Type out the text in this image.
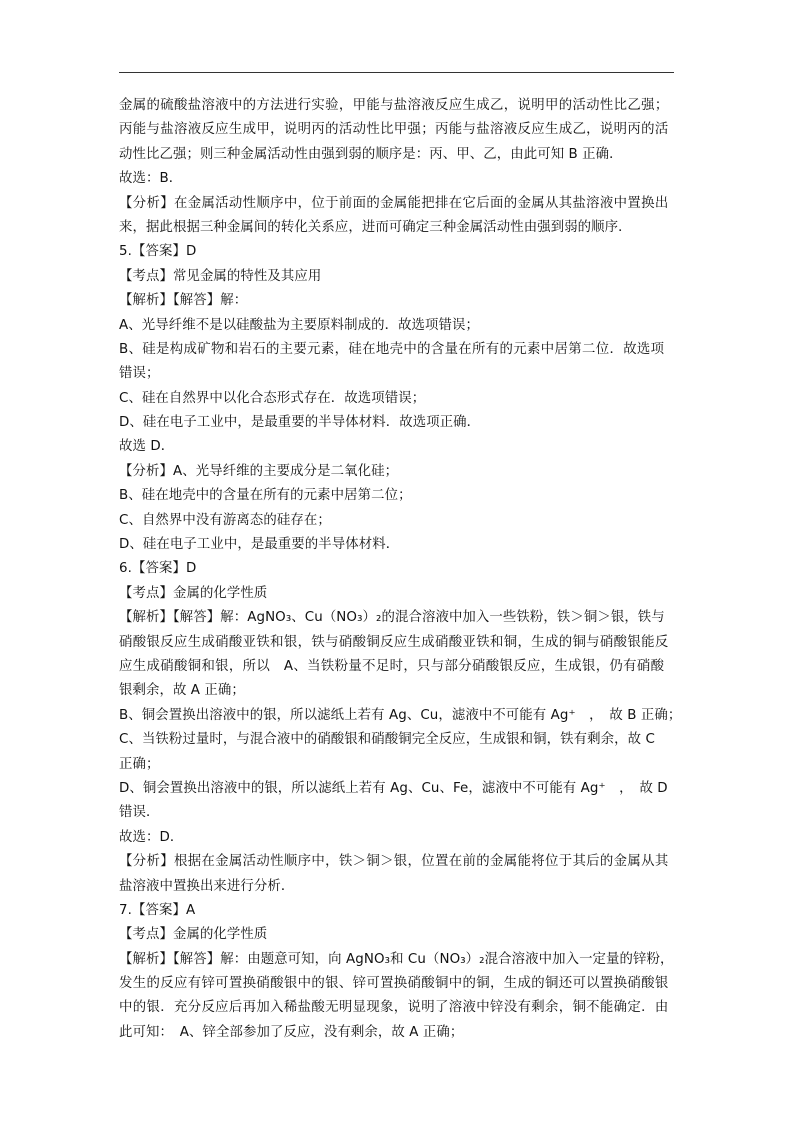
金属的硫酸盐溶液中的方法进行实验，甲能与盐溶液反应生成乙，说明甲的活动性比乙强；
丙能与盐溶液反应生成甲，说明丙的活动性比甲强；丙能与盐溶液反应生成乙，说明丙的活
动性比乙强；则三种金属活动性由强到弱的顺序是：丙、甲、乙，由此可知 B 正确．
故选：B．
【分析】在金属活动性顺序中，位于前面的金属能把排在它后面的金属从其盐溶液中置换出
来，据此根据三种金属间的转化关系应，进而可确定三种金属活动性由强到弱的顺序．
5.【答案】D
【考点】常见金属的特性及其应用
【解析】【解答】解：
A、光导纤维不是以硅酸盐为主要原料制成的．故选项错误；
B、硅是构成矿物和岩石的主要元素，硅在地壳中的含量在所有的元素中居第二位．故选项
错误；
C、硅在自然界中以化合态形式存在．故选项错误；
D、硅在电子工业中，是最重要的半导体材料．故选项正确．
故选 D．
【分析】A、光导纤维的主要成分是二氧化硅；
B、硅在地壳中的含量在所有的元素中居第二位；
C、自然界中没有游离态的硅存在；
D、硅在电子工业中，是最重要的半导体材料．
6.【答案】D
【考点】金属的化学性质
【解析】【解答】解：AgNO₃、Cu（NO₃）₂的混合溶液中加入一些铁粉，铁＞铜＞银，铁与
硝酸银反应生成硝酸亚铁和银，铁与硝酸铜反应生成硝酸亚铁和铜，生成的铜与硝酸银能反
应生成硝酸铜和银，所以　A、当铁粉量不足时，只与部分硝酸银反应，生成银，仍有硝酸
银剩余，故 A 正确；
B、铜会置换出溶液中的银，所以滤纸上若有 Ag、Cu，滤液中不可能有 Ag⁺　，　故 B 正确；
C、当铁粉过量时，与混合液中的硝酸银和硝酸铜完全反应，生成银和铜，铁有剩余，故 C
正确；
D、铜会置换出溶液中的银，所以滤纸上若有 Ag、Cu、Fe，滤液中不可能有 Ag⁺　，　故 D
错误．
故选：D．
【分析】根据在金属活动性顺序中，铁＞铜＞银，位置在前的金属能将位于其后的金属从其
盐溶液中置换出来进行分析．
7.【答案】A
【考点】金属的化学性质
【解析】【解答】解：由题意可知，向 AgNO₃和 Cu（NO₃）₂混合溶液中加入一定量的锌粉，
发生的反应有锌可置换硝酸银中的银、锌可置换硝酸铜中的铜，生成的铜还可以置换硝酸银
中的银．充分反应后再加入稀盐酸无明显现象，说明了溶液中锌没有剩余，铜不能确定．由
此可知：　A、锌全部参加了反应，没有剩余，故 A 正确；
